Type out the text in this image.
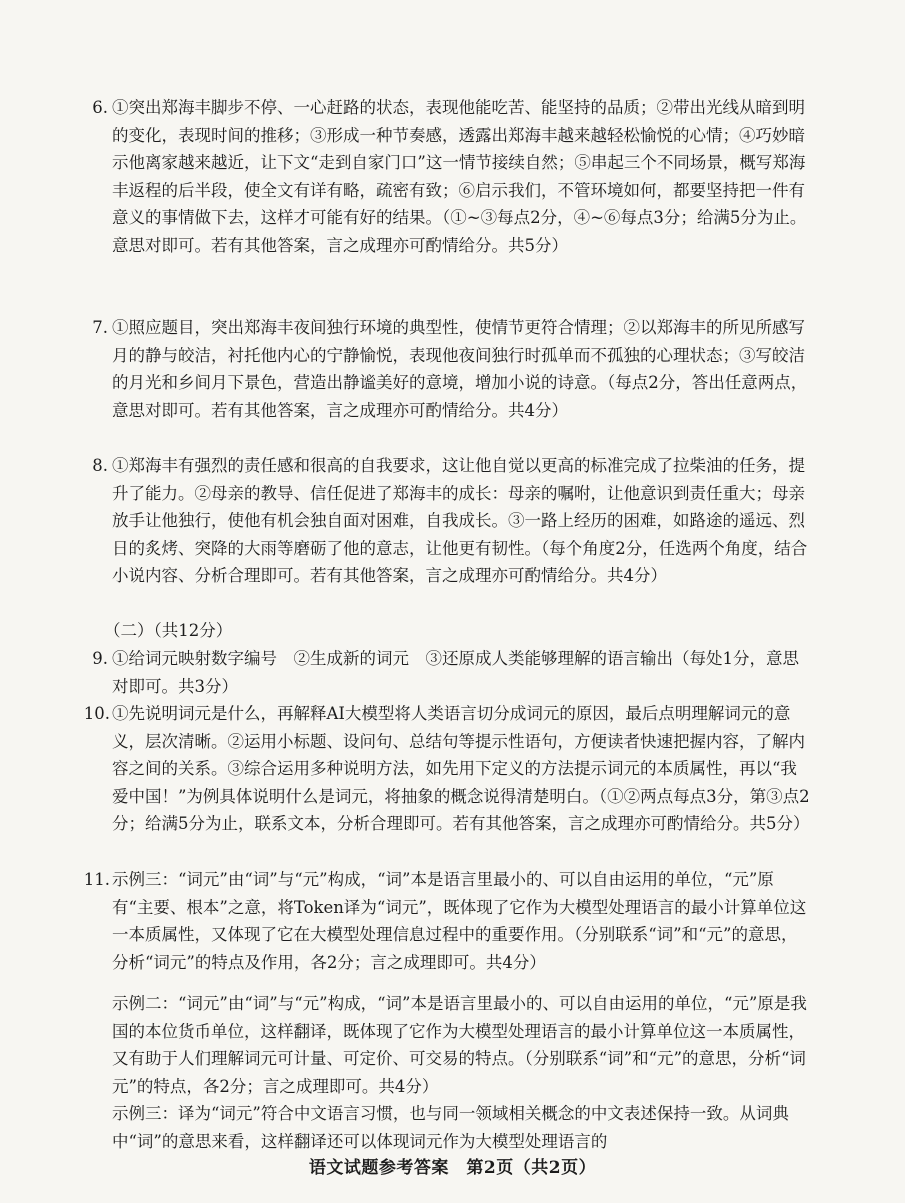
6. ①突出郑海丰脚步不停、一心赶路的状态，表现他能吃苦、能坚持的品质；②带出光线从暗到明的变化，表现时间的推移；③形成一种节奏感，透露出郑海丰越来越轻松愉悦的心情；④巧妙暗示他离家越来越近，让下文“走到自家门口”这一情节接续自然；⑤串起三个不同场景，概写郑海丰返程的后半段，使全文有详有略，疏密有致；⑥启示我们，不管环境如何，都要坚持把一件有意义的事情做下去，这样才可能有好的结果。（①~③每点2分，④~⑥每点3分；给满5分为止。意思对即可。若有其他答案，言之成理亦可酌情给分。共5分）

7. ①照应题目，突出郑海丰夜间独行环境的典型性，使情节更符合情理；②以郑海丰的所见所感写月的静与皎洁，衬托他内心的宁静愉悦，表现他夜间独行时孤单而不孤独的心理状态；③写皎洁的月光和乡间月下景色，营造出静谧美好的意境，增加小说的诗意。（每点2分，答出任意两点，意思对即可。若有其他答案，言之成理亦可酌情给分。共4分）

8. ①郑海丰有强烈的责任感和很高的自我要求，这让他自觉以更高的标准完成了拉柴油的任务，提升了能力。②母亲的教导、信任促进了郑海丰的成长：母亲的嘱咐，让他意识到责任重大；母亲放手让他独行，使他有机会独自面对困难，自我成长。③一路上经历的困难，如路途的遥远、烈日的炙烤、突降的大雨等磨砺了他的意志，让他更有韧性。（每个角度2分，任选两个角度，结合小说内容、分析合理即可。若有其他答案，言之成理亦可酌情给分。共4分）

（二）（共12分）
9. ①给词元映射数字编号　②生成新的词元　③还原成人类能够理解的语言输出（每处1分，意思对即可。共3分）

10. ①先说明词元是什么，再解释AI大模型将人类语言切分成词元的原因，最后点明理解词元的意义，层次清晰。②运用小标题、设问句、总结句等提示性语句，方便读者快速把握内容，了解内容之间的关系。③综合运用多种说明方法，如先用下定义的方法提示词元的本质属性，再以“我爱中国！”为例具体说明什么是词元，将抽象的概念说得清楚明白。（①②两点每点3分，第③点2分；给满5分为止，联系文本，分析合理即可。若有其他答案，言之成理亦可酌情给分。共5分）

11. 示例三：“词元”由“词”与“元”构成，“词”本是语言里最小的、可以自由运用的单位，“元”原有“主要、根本”之意，将Token译为“词元”，既体现了它作为大模型处理语言的最小计算单位这一本质属性，又体现了它在大模型处理信息过程中的重要作用。（分别联系“词”和“元”的意思，分析“词元”的特点及作用，各2分；言之成理即可。共4分）

示例二：“词元”由“词”与“元”构成，“词”本是语言里最小的、可以自由运用的单位，“元”原是我国的本位货币单位，这样翻译，既体现了它作为大模型处理语言的最小计算单位这一本质属性，又有助于人们理解词元可计量、可定价、可交易的特点。（分别联系“词”和“元”的意思，分析“词元”的特点，各2分；言之成理即可。共4分）

示例三：译为“词元”符合中文语言习惯，也与同一领域相关概念的中文表述保持一致。从词典中“词”的意思来看，这样翻译还可以体现词元作为大模型处理语言的

语文试题参考答案　第2页（共2页）
